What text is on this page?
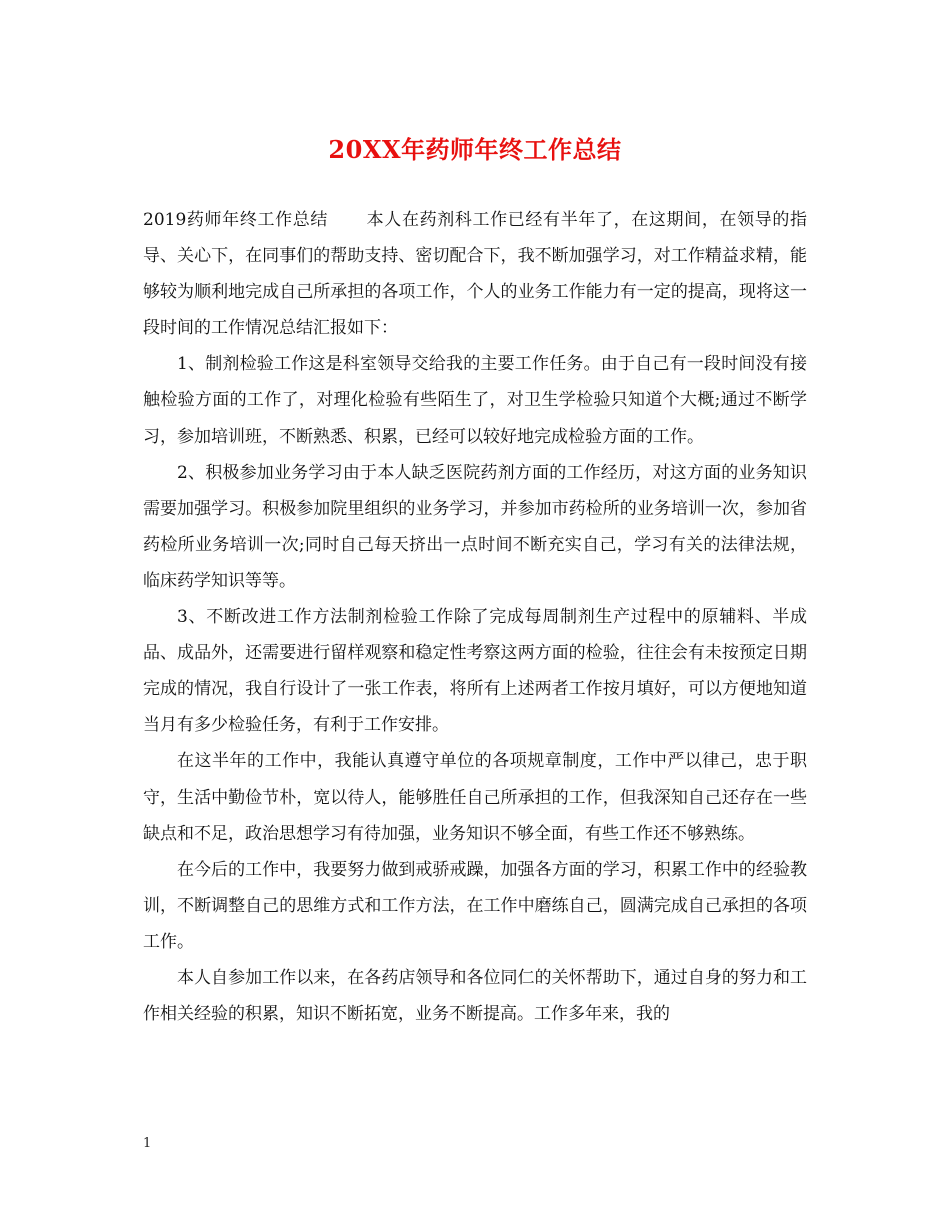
20XX年药师年终工作总结

2019药师年终工作总结 本人在药剂科工作已经有半年了，在这期间，在领导的指导、关心下，在同事们的帮助支持、密切配合下，我不断加强学习，对工作精益求精，能够较为顺利地完成自己所承担的各项工作，个人的业务工作能力有一定的提高，现将这一段时间的工作情况总结汇报如下：

1、制剂检验工作这是科室领导交给我的主要工作任务。由于自己有一段时间没有接触检验方面的工作了，对理化检验有些陌生了，对卫生学检验只知道个大概;通过不断学习，参加培训班，不断熟悉、积累，已经可以较好地完成检验方面的工作。

2、积极参加业务学习由于本人缺乏医院药剂方面的工作经历，对这方面的业务知识需要加强学习。积极参加院里组织的业务学习，并参加市药检所的业务培训一次，参加省药检所业务培训一次;同时自己每天挤出一点时间不断充实自己，学习有关的法律法规，临床药学知识等等。

3、不断改进工作方法制剂检验工作除了完成每周制剂生产过程中的原辅料、半成品、成品外，还需要进行留样观察和稳定性考察这两方面的检验，往往会有未按预定日期完成的情况，我自行设计了一张工作表，将所有上述两者工作按月填好，可以方便地知道当月有多少检验任务，有利于工作安排。

在这半年的工作中，我能认真遵守单位的各项规章制度，工作中严以律己，忠于职守，生活中勤俭节朴，宽以待人，能够胜任自己所承担的工作，但我深知自己还存在一些缺点和不足，政治思想学习有待加强，业务知识不够全面，有些工作还不够熟练。

在今后的工作中，我要努力做到戒骄戒躁，加强各方面的学习，积累工作中的经验教训，不断调整自己的思维方式和工作方法，在工作中磨练自己，圆满完成自己承担的各项工作。

本人自参加工作以来，在各药店领导和各位同仁的关怀帮助下，通过自身的努力和工作相关经验的积累，知识不断拓宽，业务不断提高。工作多年来，我的

1
